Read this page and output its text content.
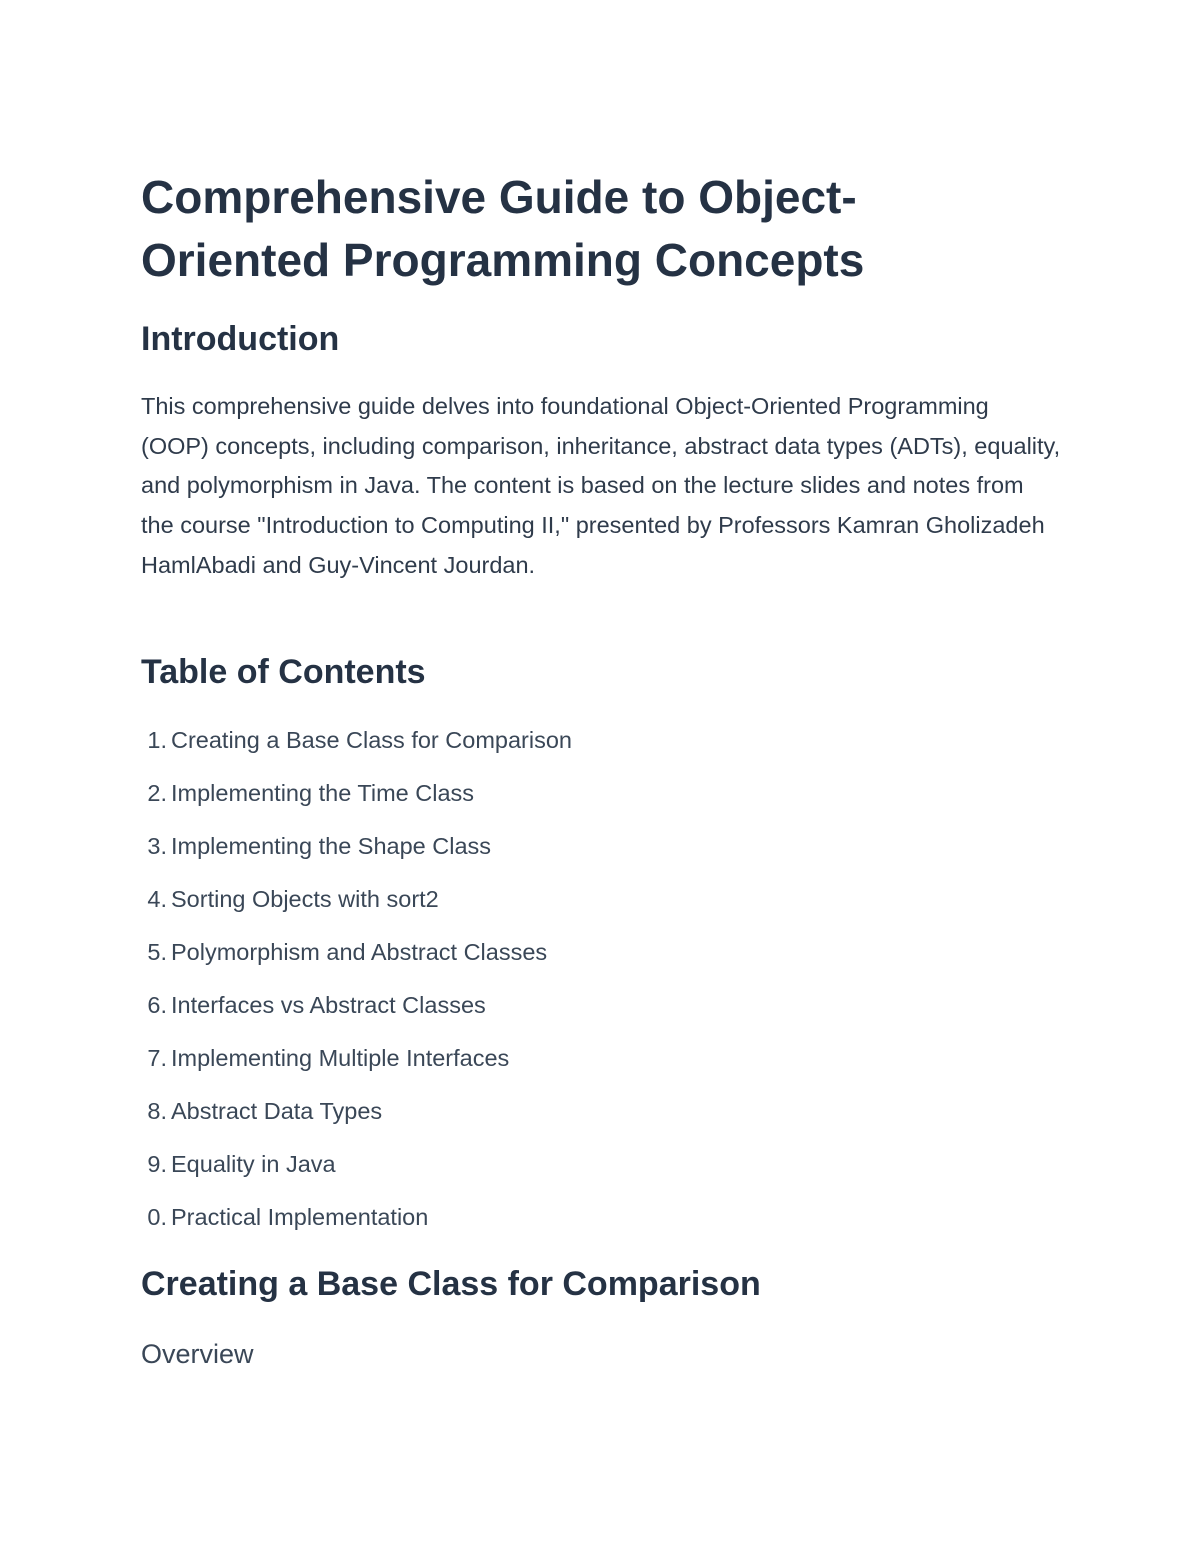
Comprehensive Guide to Object-Oriented Programming Concepts
Introduction

This comprehensive guide delves into foundational Object-Oriented Programming (OOP) concepts, including comparison, inheritance, abstract data types (ADTs), equality, and polymorphism in Java. The content is based on the lecture slides and notes from the course "Introduction to Computing II," presented by Professors Kamran Gholizadeh HamlAbadi and Guy-Vincent Jourdan.

Table of Contents
1. Creating a Base Class for Comparison
2. Implementing the Time Class
3. Implementing the Shape Class
4. Sorting Objects with sort2
5. Polymorphism and Abstract Classes
6. Interfaces vs Abstract Classes
7. Implementing Multiple Interfaces
8. Abstract Data Types
9. Equality in Java
0. Practical Implementation
Creating a Base Class for Comparison
Overview
